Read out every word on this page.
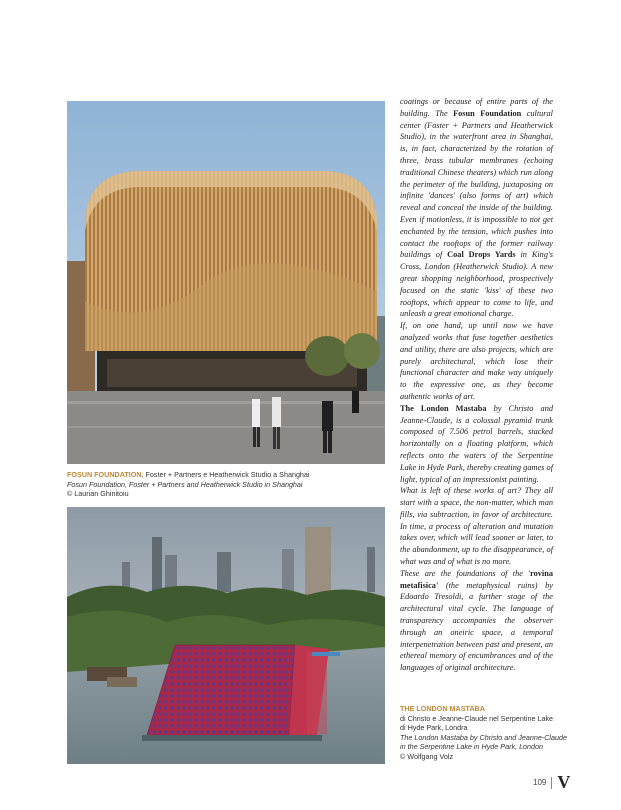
FOSUN FOUNDATION, Foster + Partners e Heatherwick Studio a Shanghai
Fosun Foundation, Foster + Partners and Heatherwick Studio in Shanghai
© Laurian Ghinitoiu
THE LONDON MASTABA
di Christo e Jeanne-Claude nel Serpentine Lake
di Hyde Park, Londra
The London Mastaba by Christo and Jeanne-Claude
in the Serpentine Lake in Hyde Park, London
© Wolfgang Volz

coatings or because of entire parts of the building. The Fosun Foundation cultural center (Foster + Partners and Heatherwick Studio), in the waterfront area in Shanghai, is, in fact, characterized by the rotation of three, brass tubular membranes (echoing traditional Chinese theaters) which run along the perimeter of the building, juxtaposing on infinite 'dances' (also forms of art) which reveal and conceal the inside of the building. Even if motionless, it is impossible to not get enchanted by the tension, which pushes into contact the rooftops of the former railway buildings of Coal Drops Yards in King's Cross, London (Heatherwick Studio). A new great shopping neighborhood, prospectively focused on the static 'kiss' of these two rooftops, which appear to come to life, and unleash a great emotional charge.

If, on one hand, up until now we have analyzed works that fuse together aesthetics and utility, there are also projects, which are purely architectural, which lose their functional character and make way uniquely to the expressive one, as they become authentic works of art.

The London Mastaba by Christo and Jeanne-Claude, is a colossal pyramid trunk composed of 7.506 petrol barrels, stacked horizontally on a floating platform, which reflects onto the waters of the Serpentine Lake in Hyde Park, thereby creating games of light, typical of an impressionist painting.

What is left of these works of art? They all start with a space, the non-matter, which man fills, via subtraction, in favor of architecture. In time, a process of alteration and mutation takes over, which will lead sooner or later, to the abandonment, up to the disappearance, of what was and of what is no more.

These are the foundations of the 'rovina metafisica' (the metaphysical ruins) by Edoardo Tresoldi, a further stage of the architectural vital cycle. The language of transparency accompanies the observer through an oneiric space, a temporal interpenetration between past and present, an ethereal memory of encumbrances and of the languages of original architecture.

109 V
